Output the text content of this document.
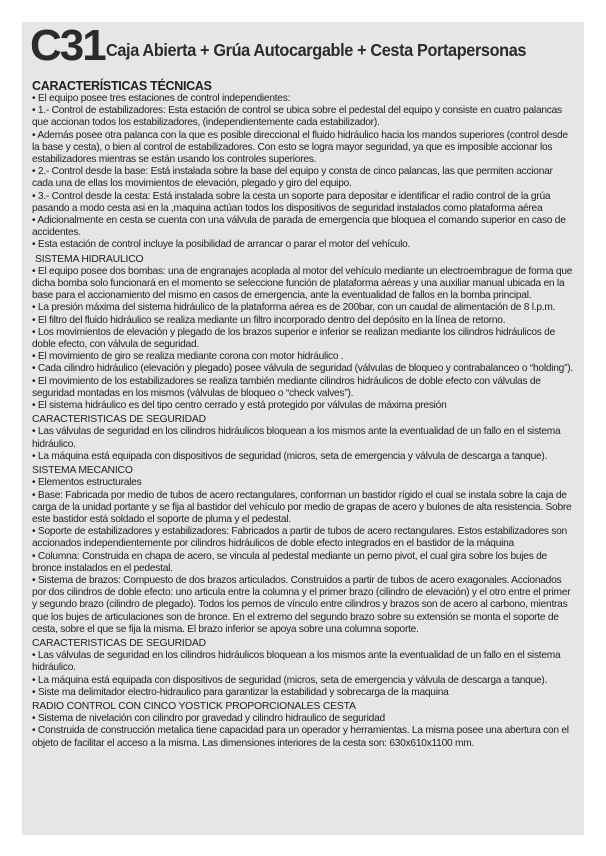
C31 Caja Abierta + Grúa Autocargable + Cesta Portapersonas
CARACTERÍSTICAS TÉCNICAS

• El equipo posee tres estaciones de control independientes:

• 1.- Control de estabilizadores: Esta estación de control se ubica sobre el pedestal del equipo y consiste en cuatro palancas que accionan todos los estabilizadores, (independientemente cada estabilizador).

• Además posee otra palanca con la que es posible direccional el fluido hidráulico hacia los mandos superiores (control desde la base y cesta), o bien al control de estabilizadores. Con esto se logra mayor seguridad, ya que es imposible accionar los estabilizadores mientras se están usando los controles superiores.

• 2.- Control desde la base: Está instalada sobre la base del equipo y consta de cinco palancas, las que permiten accionar cada una de ellas los movimientos de elevación, plegado y giro del equipo.

• 3.- Control desde la cesta: Está instalada sobre la cesta un soporte para depositar e identificar el radio control de la grúa pasando a modo cesta asi en la ,maquina actúan todos los dispositivos de seguridad instalados como plataforma aérea

• Adicionalmente en cesta se cuenta con una válvula de parada de emergencia que bloquea el comando superior en caso de accidentes.

• Esta estación de control incluye la posibilidad de arrancar o parar el motor del vehículo.

SISTEMA HIDRAULICO

• El equipo posee dos bombas: una de engranajes acoplada al motor del vehículo mediante un electroembrague de forma que dicha bomba solo funcionará en el momento se seleccione función de plataforma aéreas y una auxiliar manual ubicada en la base para el accionamiento del mismo en casos de emergencia, ante la eventualidad de fallos en la bomba principal.

• La presión máxima del sistema hidráulico de la plataforma aérea es de 200bar, con un caudal de alimentación de 8 l.p.m.

• El filtro del fluido hidráulico se realiza mediante un filtro incorporado dentro del depósito en la línea de retorno.

• Los movimientos de elevación y plegado de los brazos superior e inferior se realizan mediante los cilindros hidráulicos de doble efecto, con válvula de seguridad.

• El movimiento de giro se realiza mediante corona con motor hidráulico .

• Cada cilindro hidráulico (elevación y plegado) posee válvula de seguridad (válvulas de bloqueo y contrabalanceo o “holding”).

• El movimiento de los estabilizadores se realiza también mediante cilindros hidráulicos de doble efecto con válvulas de seguridad montadas en los mismos (válvulas de bloqueo o “check valves”).

• El sistema hidráulico es del tipo centro cerrado y está protegido por válvulas de máxima presión

CARACTERISTICAS DE SEGURIDAD

• Las válvulas de seguridad en los cilindros hidráulicos bloquean a los mismos ante la eventualidad de un fallo en el sistema hidráulico.

• La máquina está equipada con dispositivos de seguridad (micros, seta de emergencia y válvula de descarga a tanque).

SISTEMA MECANICO

• Elementos estructurales

• Base: Fabricada por medio de tubos de acero rectangulares, conforman un bastidor rígido el cual se instala sobre la caja de carga de la unidad portante y se fija al bastidor del vehículo por medio de grapas de acero y bulones de alta resistencia. Sobre este bastidor está soldado el soporte de pluma y el pedestal.

• Soporte de estabilizadores y estabilizadores: Fabricados a partir de tubos de acero rectangulares. Estos estabilizadores son accionados independientemente por cilindros hidráulicos de doble efecto integrados en el bastidor de la máquina

• Columna: Construida en chapa de acero, se vincula al pedestal mediante un perno pivot, el cual gira sobre los bujes de bronce instalados en el pedestal.

• Sistema de brazos: Compuesto de dos brazos articulados. Construidos a partir de tubos de acero exagonales. Accionados por dos cilindros de doble efecto: uno articula entre la columna y el primer brazo (cilindro de elevación) y el otro entre el primer y segundo brazo (cilindro de plegado). Todos los pernos de vínculo entre cilindros y brazos son de acero al carbono, mientras que los bujes de articulaciones son de bronce. En el extremo del segundo brazo sobre su extensión se monta el soporte de cesta, sobre el que se fija la misma. El brazo inferior se apoya sobre una columna soporte.

CARACTERISTICAS DE SEGURIDAD

• Las válvulas de seguridad en los cilindros hidráulicos bloquean a los mismos ante la eventualidad de un fallo en el sistema hidráulico.

• La máquina está equipada con dispositivos de seguridad (micros, seta de emergencia y válvula de descarga a tanque).

• Siste ma delimitador electro-hidraulico para garantizar la estabilidad y sobrecarga de la maquina

RADIO CONTROL CON CINCO YOSTICK PROPORCIONALES CESTA

• Sistema de nivelación con cilindro por gravedad y cilindro hidraulico de seguridad

• Construida de construcción metalica tiene capacidad para un operador y herramientas. La misma posee una abertura con el objeto de facilitar el acceso a la misma. Las dimensiones interiores de la cesta son: 630x610x1100 mm.
